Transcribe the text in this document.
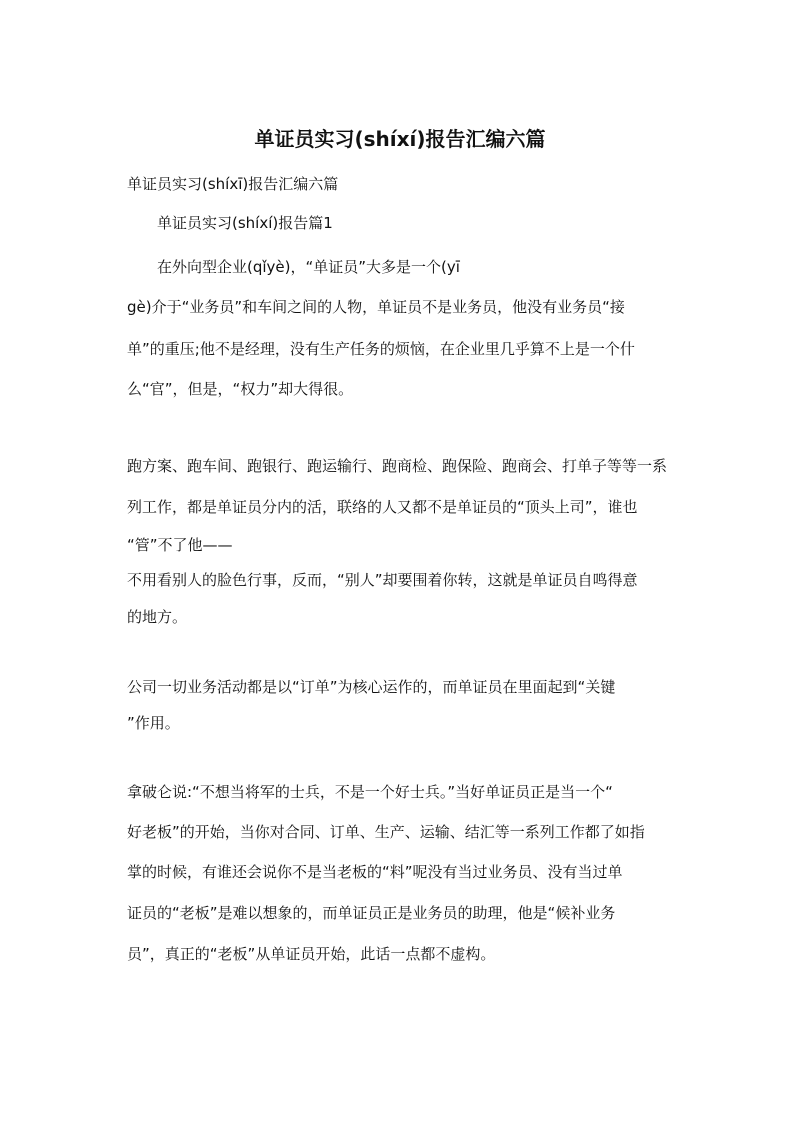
单证员实习(shíxí)报告汇编六篇
单证员实习(shíxī)报告汇编六篇
单证员实习(shíxí)报告篇1
在外向型企业(qǐyè)，“单证员”大多是一个(yī
gè)介于“业务员”和车间之间的人物，单证员不是业务员，他没有业务员“接
单”的重压;他不是经理，没有生产任务的烦恼，在企业里几乎算不上是一个什
么“官”，但是，“权力”却大得很。
跑方案、跑车间、跑银行、跑运输行、跑商检、跑保险、跑商会、打单子等等一系
列工作，都是单证员分内的活，联络的人又都不是单证员的“顶头上司”，谁也
“管”不了他——
不用看别人的脸色行事，反而，“别人”却要围着你转，这就是单证员自鸣得意
的地方。
公司一切业务活动都是以“订单”为核心运作的，而单证员在里面起到“关键
”作用。
拿破仑说:“不想当将军的士兵，不是一个好士兵。”当好单证员正是当一个“
好老板”的开始，当你对合同、订单、生产、运输、结汇等一系列工作都了如指
掌的时候，有谁还会说你不是当老板的“料”呢没有当过业务员、没有当过单
证员的“老板”是难以想象的，而单证员正是业务员的助理，他是“候补业务
员”，真正的“老板”从单证员开始，此话一点都不虚构。
